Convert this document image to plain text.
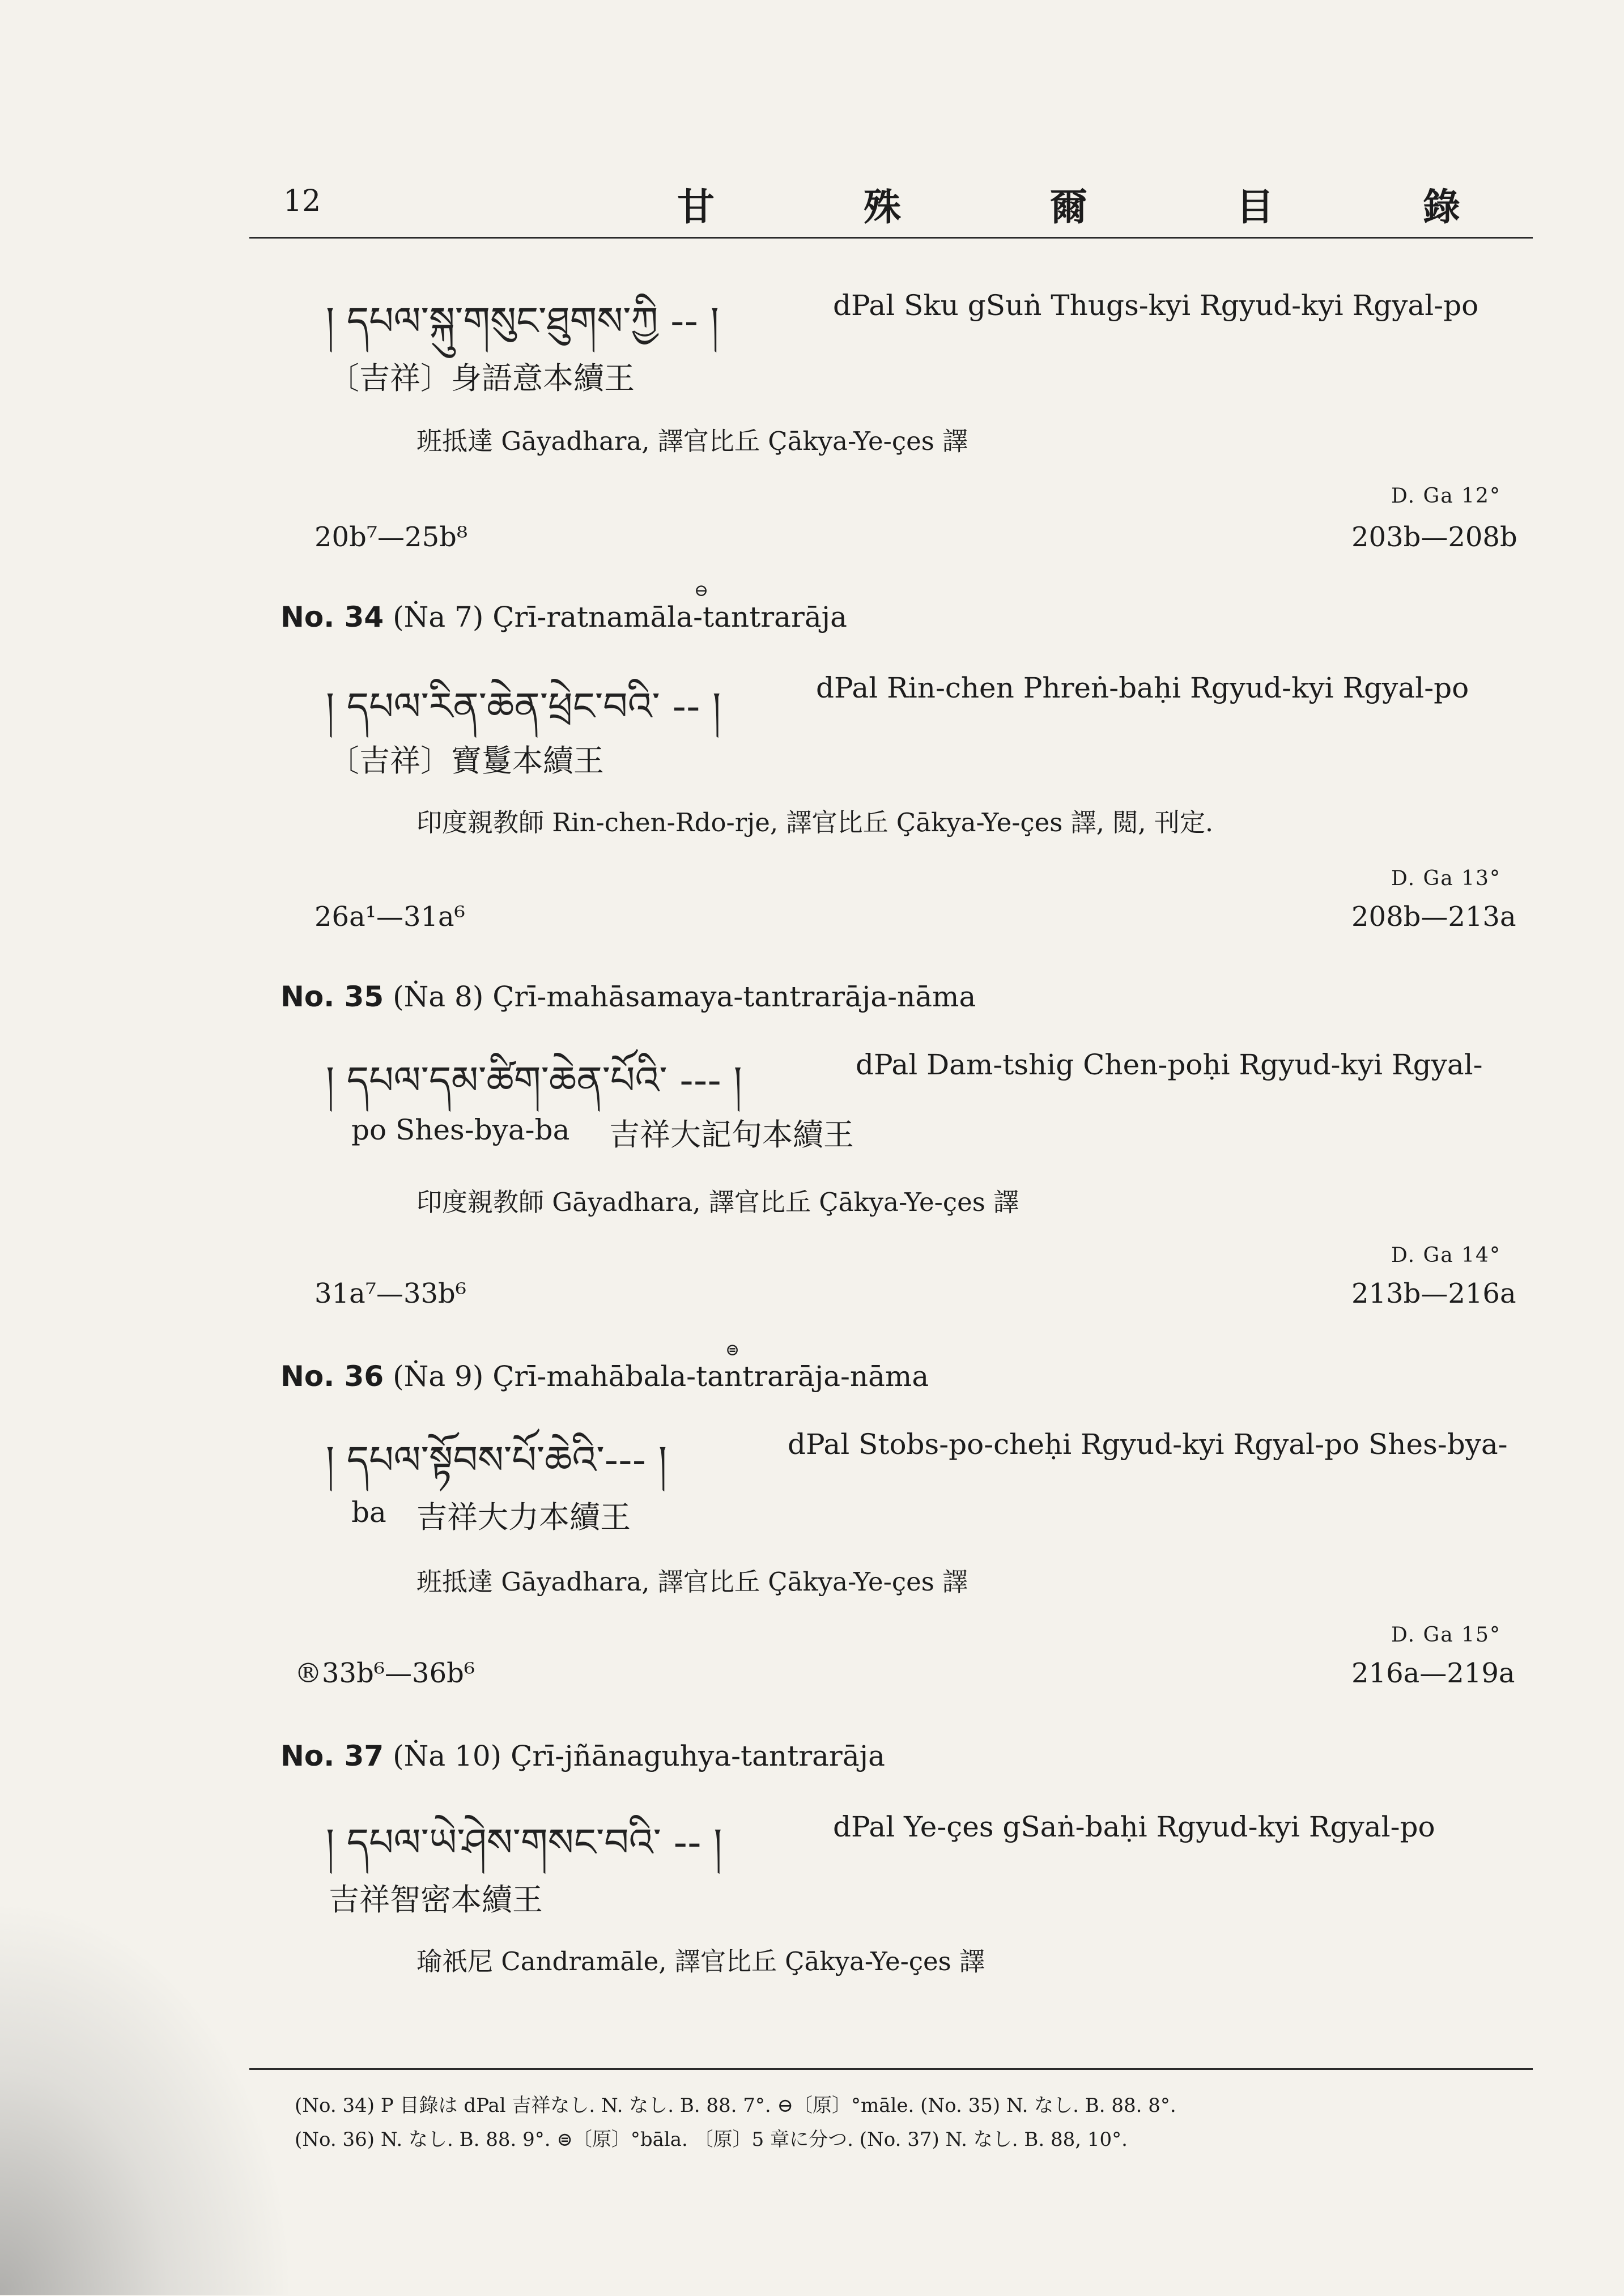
12	甘 殊 爾 目 錄
། དཔལ་སྐུ་གསུང་ཐུགས་ཀྱི -- །	dPal Sku gSuṅ Thugs-kyi Rgyud-kyi Rgyal-po
〔吉祥〕身語意本續王
班抵達 Gāyadhara, 譯官比丘 Çākya-Ye-çes 譯
D. Ga 12°
20b⁷—25b⁸	203b—208b
No. 34 (Ṅa 7) Çrī-ratnamāla-tantrarāja
⊖
། དཔལ་རིན་ཆེན་ཕྲེང་བའི་ -- །	dPal Rin-chen Phreṅ-baḥi Rgyud-kyi Rgyal-po
〔吉祥〕寶鬘本續王
印度親教師 Rin-chen-Rdo-rje, 譯官比丘 Çākya-Ye-çes 譯, 閲, 刊定.
D. Ga 13°
26a¹—31a⁶	208b—213a
No. 35 (Ṅa 8) Çrī-mahāsamaya-tantrarāja-nāma
། དཔལ་དམ་ཚིག་ཆེན་པོའི་ --- །	dPal Dam-tshig Chen-poḥi Rgyud-kyi Rgyal-
po Shes-bya-ba 吉祥大記句本續王
印度親教師 Gāyadhara, 譯官比丘 Çākya-Ye-çes 譯
D. Ga 14°
31a⁷—33b⁶	213b—216a
No. 36 (Ṅa 9) Çrī-mahābala-tantrarāja-nāma
⊜
། དཔལ་སྟོབས་པོ་ཆེའི་--- །	dPal Stobs-po-cheḥi Rgyud-kyi Rgyal-po Shes-bya-
ba 吉祥大力本續王
班抵達 Gāyadhara, 譯官比丘 Çākya-Ye-çes 譯
D. Ga 15°
®33b⁶—36b⁶	216a—219a
No. 37 (Ṅa 10) Çrī-jñānaguhya-tantrarāja
། དཔལ་ཡེ་ཤེས་གསང་བའི་ -- །	dPal Ye-çes gSaṅ-baḥi Rgyud-kyi Rgyal-po
吉祥智密本續王
瑜祇尼 Candramāle, 譯官比丘 Çākya-Ye-çes 譯
(No. 34) P 目錄は dPal 吉祥なし. N. なし. B. 88. 7°. ⊖〔原〕°māle. (No. 35) N. なし. B. 88. 8°.
(No. 36) N. なし. B. 88. 9°. ⊜〔原〕°bāla. 〔原〕5 章に分つ. (No. 37) N. なし. B. 88, 10°.
